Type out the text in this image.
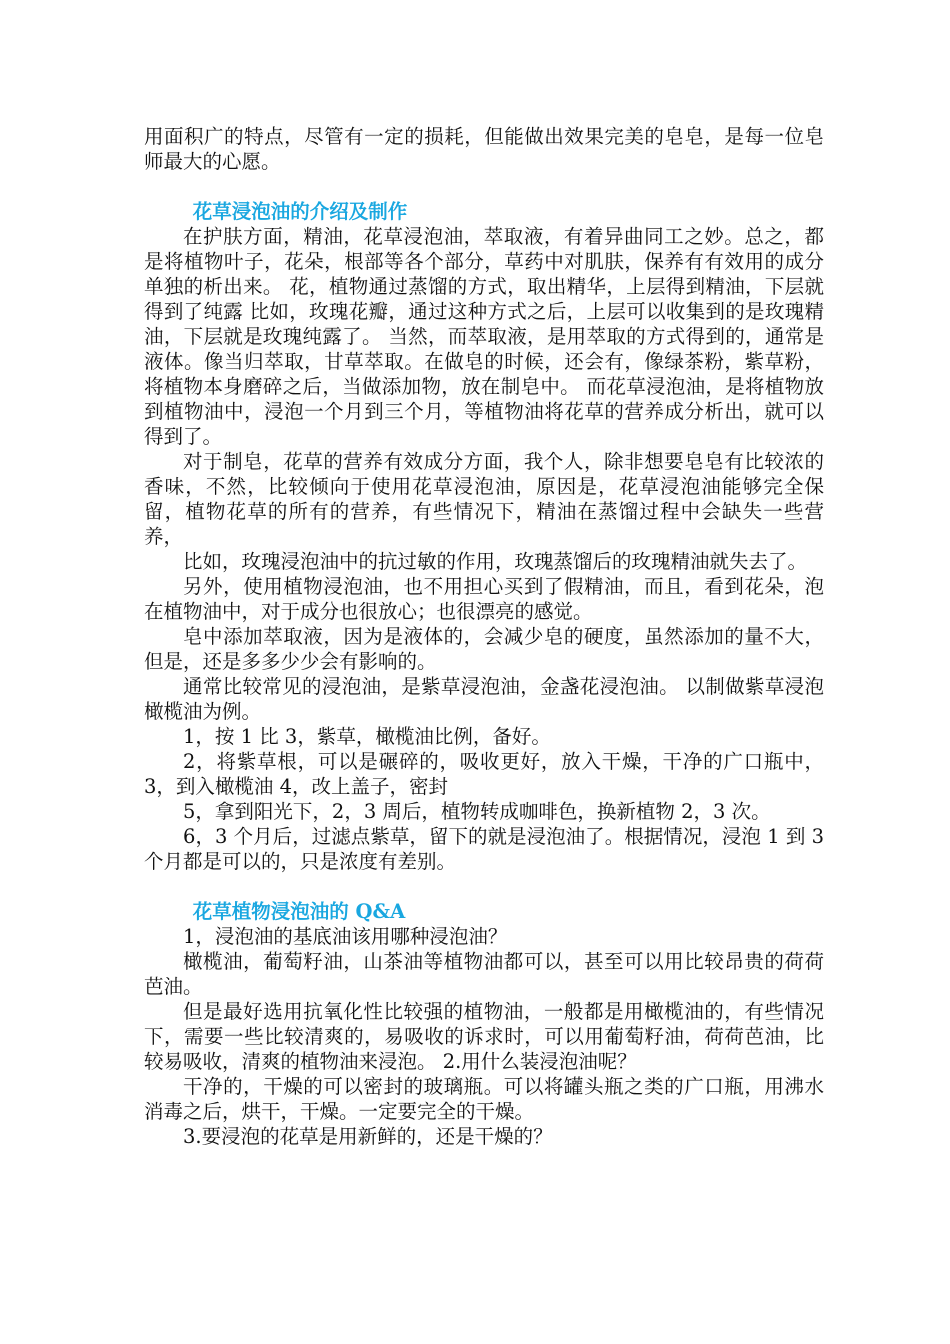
用面积广的特点，尽管有一定的损耗，但能做出效果完美的皂皂，是每一位皂师最大的心愿。

花草浸泡油的介绍及制作

在护肤方面，精油，花草浸泡油，萃取液，有着异曲同工之妙。总之，都是将植物叶子，花朵，根部等各个部分，草药中对肌肤，保养有有效用的成分单独的析出来。 花，植物通过蒸馏的方式，取出精华，上层得到精油，下层就得到了纯露 比如，玫瑰花瓣，通过这种方式之后，上层可以收集到的是玫瑰精油，下层就是玫瑰纯露了。 当然，而萃取液，是用萃取的方式得到的，通常是液体。像当归萃取，甘草萃取。在做皂的时候，还会有，像绿茶粉，紫草粉，将植物本身磨碎之后，当做添加物，放在制皂中。 而花草浸泡油，是将植物放到植物油中，浸泡一个月到三个月，等植物油将花草的营养成分析出，就可以得到了。

对于制皂，花草的营养有效成分方面，我个人，除非想要皂皂有比较浓的香味，不然，比较倾向于使用花草浸泡油，原因是，花草浸泡油能够完全保留，植物花草的所有的营养，有些情况下，精油在蒸馏过程中会缺失一些营养，

比如，玫瑰浸泡油中的抗过敏的作用，玫瑰蒸馏后的玫瑰精油就失去了。

另外，使用植物浸泡油，也不用担心买到了假精油，而且，看到花朵，泡在植物油中，对于成分也很放心；也很漂亮的感觉。

皂中添加萃取液，因为是液体的，会减少皂的硬度，虽然添加的量不大，但是，还是多多少少会有影响的。

通常比较常见的浸泡油，是紫草浸泡油，金盏花浸泡油。 以制做紫草浸泡橄榄油为例。

1，按 1 比 3，紫草，橄榄油比例，备好。

2，将紫草根，可以是碾碎的，吸收更好，放入干燥，干净的广口瓶中， 3，到入橄榄油 4，改上盖子，密封

5，拿到阳光下，2，3 周后，植物转成咖啡色，换新植物 2，3 次。

6，3 个月后，过滤点紫草，留下的就是浸泡油了。根据情况，浸泡 1 到 3 个月都是可以的，只是浓度有差别。

花草植物浸泡油的 Q&A

1，浸泡油的基底油该用哪种浸泡油？

橄榄油，葡萄籽油，山茶油等植物油都可以，甚至可以用比较昂贵的荷荷芭油。

但是最好选用抗氧化性比较强的植物油，一般都是用橄榄油的，有些情况下，需要一些比较清爽的，易吸收的诉求时，可以用葡萄籽油，荷荷芭油，比较易吸收，清爽的植物油来浸泡。 2.用什么装浸泡油呢？

干净的，干燥的可以密封的玻璃瓶。可以将罐头瓶之类的广口瓶，用沸水消毒之后，烘干，干燥。一定要完全的干燥。

3.要浸泡的花草是用新鲜的，还是干燥的？
